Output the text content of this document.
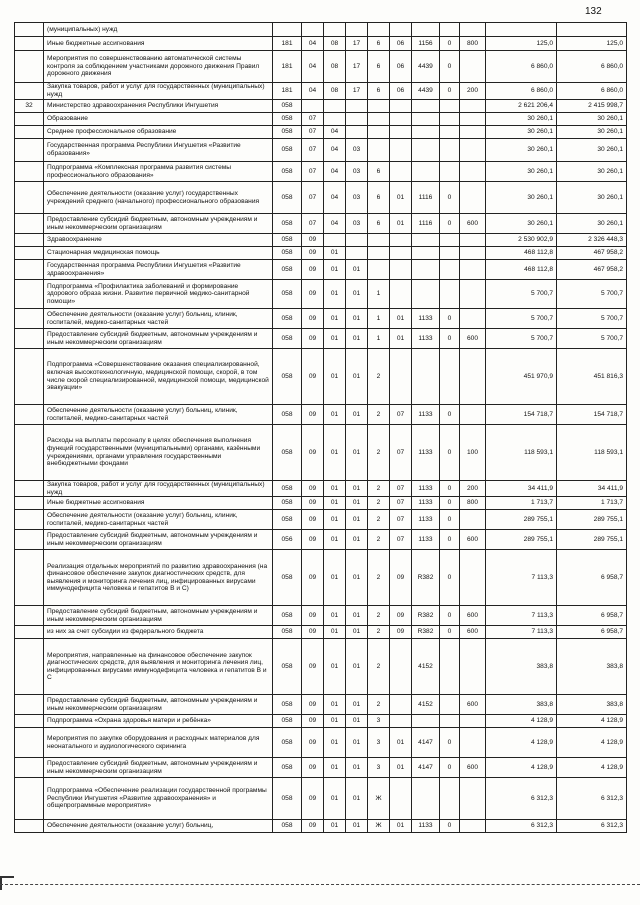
132
	(муниципальных) нужд											
	Иные бюджетные ассигнования	181	04	08	17	6	06	1156	0	800	125,0	125,0
	Мероприятия по совершенствованию автоматической системы контроля за соблюдением участниками дорожного движения Правил дорожного движения	181	04	08	17	6	06	4439	0		6 860,0	6 860,0
	Закупка товаров, работ и услуг для государственных (муниципальных) нужд	181	04	08	17	6	06	4439	0	200	6 860,0	6 860,0
32	Министерство здравоохранения Республики Ингушетия	058									2 621 206,4	2 415 998,7
	Образование	058	07								30 260,1	30 260,1
	Среднее профессиональное образование	058	07	04							30 260,1	30 260,1
	Государственная программа Республики Ингушетия «Развитие образования»	058	07	04	03						30 260,1	30 260,1
	Подпрограмма «Комплексная программа развития системы профессионального образования»	058	07	04	03	6					30 260,1	30 260,1
	Обеспечение деятельности (оказание услуг) государственных учреждений среднего (начального) профессионального образования	058	07	04	03	6	01	1116	0		30 260,1	30 260,1
	Предоставление субсидий бюджетным, автономным учреждениям и иным некоммерческим организациям	058	07	04	03	6	01	1116	0	600	30 260,1	30 260,1
	Здравоохранение	058	09								2 530 902,9	2 326 448,3
	Стационарная медицинская помощь	058	09	01							468 112,8	467 958,2
	Государственная программа Республики Ингушетия «Развитие здравоохранения»	058	09	01	01						468 112,8	467 958,2
	Подпрограмма «Профилактика заболеваний и формирование здорового образа жизни. Развитие первичной медико-санитарной помощи»	058	09	01	01	1					5 700,7	5 700,7
	Обеспечение деятельности (оказание услуг) больниц, клиник, госпиталей, медико-санитарных частей	058	09	01	01	1	01	1133	0		5 700,7	5 700,7
	Предоставление субсидий бюджетным, автономным учреждениям и иным некоммерческим организациям	058	09	01	01	1	01	1133	0	600	5 700,7	5 700,7
	Подпрограмма «Совершенствование оказания специализированной, включая высокотехнологичную, медицинской помощи, скорой, в том числе скорой специализированной, медицинской помощи, медицинской эвакуации»	058	09	01	01	2					451 970,9	451 816,3
	Обеспечение деятельности (оказание услуг) больниц, клиник, госпиталей, медико-санитарных частей	058	09	01	01	2	07	1133	0		154 718,7	154 718,7
	Расходы на выплаты персоналу в целях обеспечения выполнения функций государственными (муниципальными) органами, казёнными учреждениями, органами управления государственными внебюджетными фондами	058	09	01	01	2	07	1133	0	100	118 593,1	118 593,1
	Закупка товаров, работ и услуг для государственных (муниципальных) нужд	058	09	01	01	2	07	1133	0	200	34 411,9	34 411,9
	Иные бюджетные ассигнования	058	09	01	01	2	07	1133	0	800	1 713,7	1 713,7
	Обеспечение деятельности (оказание услуг) больниц, клиник, госпиталей, медико-санитарных частей	058	09	01	01	2	07	1133	0		289 755,1	289 755,1
	Предоставление субсидий бюджетным, автономным учреждениям и иным некоммерческим организациям	056	09	01	01	2	07	1133	0	600	289 755,1	289 755,1
	Реализация отдельных мероприятий по развитию здравоохранения (на финансовое обеспечение закупок диагностических средств, для выявления и мониторинга лечения лиц, инфицированных вирусами иммунодефицита человека и гепатитов В и С)	058	09	01	01	2	09	R382	0		7 113,3	6 958,7
	Предоставление субсидий бюджетным, автономным учреждениям и иным некоммерческим организациям	058	09	01	01	2	09	R382	0	600	7 113,3	6 958,7
	из них за счет субсидии из федерального бюджета	058	09	01	01	2	09	R382	0	600	7 113,3	6 958,7
	Мероприятия, направленные на финансовое обеспечение закупок диагностических средств, для выявления и мониторинга лечения лиц, инфицированных вирусами иммунодефицита человека и гепатитов В и С	058	09	01	01	2		4152			383,8	383,8
	Предоставление субсидий бюджетным, автономным учреждениям и иным некоммерческим организациям	058	09	01	01	2		4152		600	383,8	383,8
	Подпрограмма «Охрана здоровья матери и ребёнка»	058	09	01	01	3					4 128,9	4 128,9
	Мероприятия по закупке оборудования и расходных материалов для неонатального и аудиологического скрининга	058	09	01	01	3	01	4147	0		4 128,9	4 128,9
	Предоставление субсидий бюджетным, автономным учреждениям и иным некоммерческим организациям	058	09	01	01	3	01	4147	0	600	4 128,9	4 128,9
	Подпрограмма «Обеспечение реализации государственной программы Республики Ингушетия «Развитие здравоохранения» и общепрограммные мероприятия»	058	09	01	01	Ж					6 312,3	6 312,3
	Обеспечение деятельности (оказание услуг) больниц,	058	09	01	01	Ж	01	1133	0		6 312,3	6 312,3
